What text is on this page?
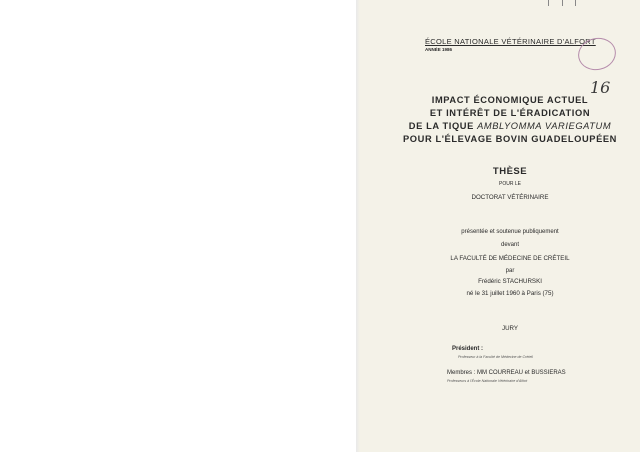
ÉCOLE NATIONALE VÉTÉRINAIRE D'ALFORT
ANNÉE 1986
16
IMPACT ÉCONOMIQUE ACTUEL
ET INTÉRÊT DE L'ÉRADICATION
DE LA TIQUE AMBLYOMMA VARIEGATUM
POUR L'ÉLEVAGE BOVIN GUADELOUPÉEN
THÈSE
POUR LE
DOCTORAT VÉTÉRINAIRE
présentée et soutenue publiquement
devant
LA FACULTÉ DE MÉDECINE DE CRÉTEIL
par
Frédéric STACHURSKI
né le 31 juillet 1960 à Paris (75)
JURY
Président :
Professeur à la Faculté de Médecine de Créteil
Membres : MM COURREAU et BUSSIERAS
Professeurs à l'École Nationale Vétérinaire d'Alfort
